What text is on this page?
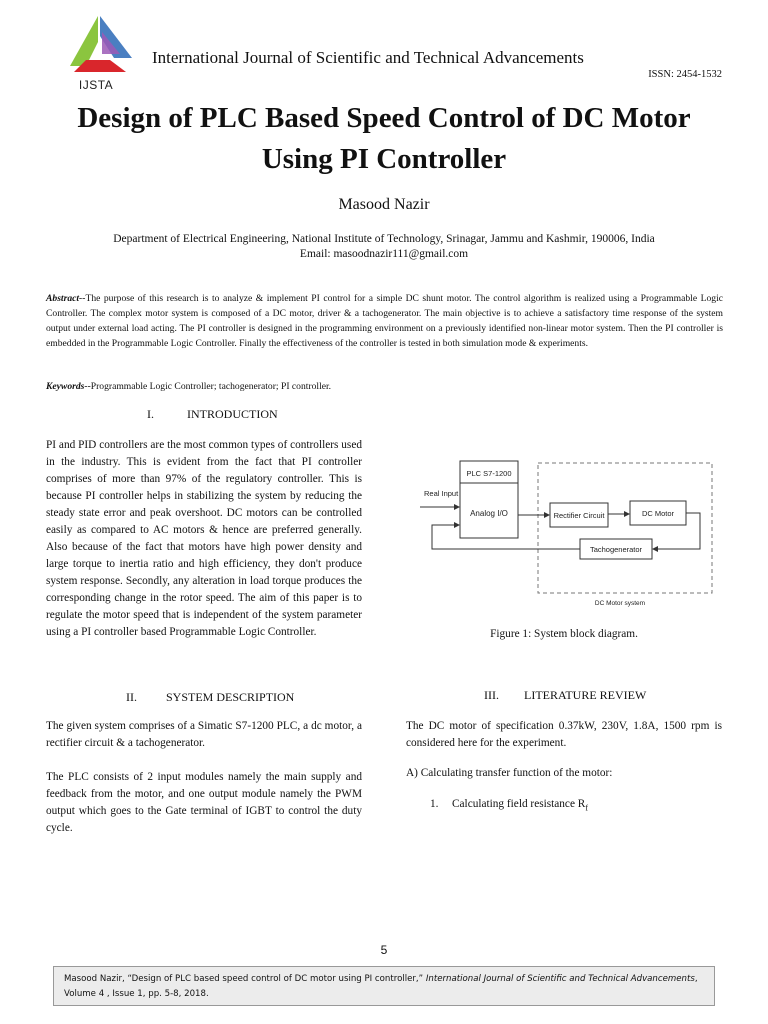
IJSTA
International Journal of Scientific and Technical Advancements
ISSN: 2454-1532
Design of PLC Based Speed Control of DC Motor
Using PI Controller
Masood Nazir
Department of Electrical Engineering, National Institute of Technology, Srinagar, Jammu and Kashmir, 190006, India
Email: masoodnazir111@gmail.com

Abstract--The purpose of this research is to analyze & implement PI control for a simple DC shunt motor. The control algorithm is realized using a Programmable Logic Controller. The complex motor system is composed of a DC motor, driver & a tachogenerator. The main objective is to achieve a satisfactory time response of the system output under external load acting. The PI controller is designed in the programming environment on a previously identified non-linear motor system. Then the PI controller is embedded in the Programmable Logic Controller. Finally the effectiveness of the controller is tested in both simulation mode & experiments.

Keywords--Programmable Logic Controller; tachogenerator; PI controller.

I.	INTRODUCTION

PI and PID controllers are the most common types of controllers used in the industry. This is evident from the fact that PI controller comprises of more than 97% of the regulatory controller. This is because PI controller helps in stabilizing the system by reducing the steady state error and peak overshoot. DC motors can be controlled easily as compared to AC motors & hence are preferred generally. Also because of the fact that motors have high power density and large torque to inertia ratio and high efficiency, they don't produce system response. Secondly, any alteration in load torque produces the corresponding change in the rotor speed. The aim of this paper is to regulate the motor speed that is independent of the system parameter using a PI controller based Programmable Logic Controller.

II. SYSTEM DESCRIPTION

The given system comprises of a Simatic S7-1200 PLC, a dc motor, a rectifier circuit & a tachogenerator.

The PLC consists of 2 input modules namely the main supply and feedback from the motor, and one output module namely the PWM output which goes to the Gate terminal of IGBT to control the duty cycle.

PLC S7-1200
Analog I/O	Rectifier Circuit	DC Motor
Tachogenerator
Real Input
DC Motor system
Figure 1: System block diagram.
III. LITERATURE REVIEW

The DC motor of specification 0.37kW, 230V, 1.8A, 1500 rpm is considered here for the experiment.

A) Calculating transfer function of the motor:
1. Calculating field resistance $R_f$
5
Masood Nazir, “Design of PLC based speed control of DC motor using PI controller,” International Journal of Scientific and Technical Advancements, Volume 4 , Issue 1, pp. 5-8, 2018.
